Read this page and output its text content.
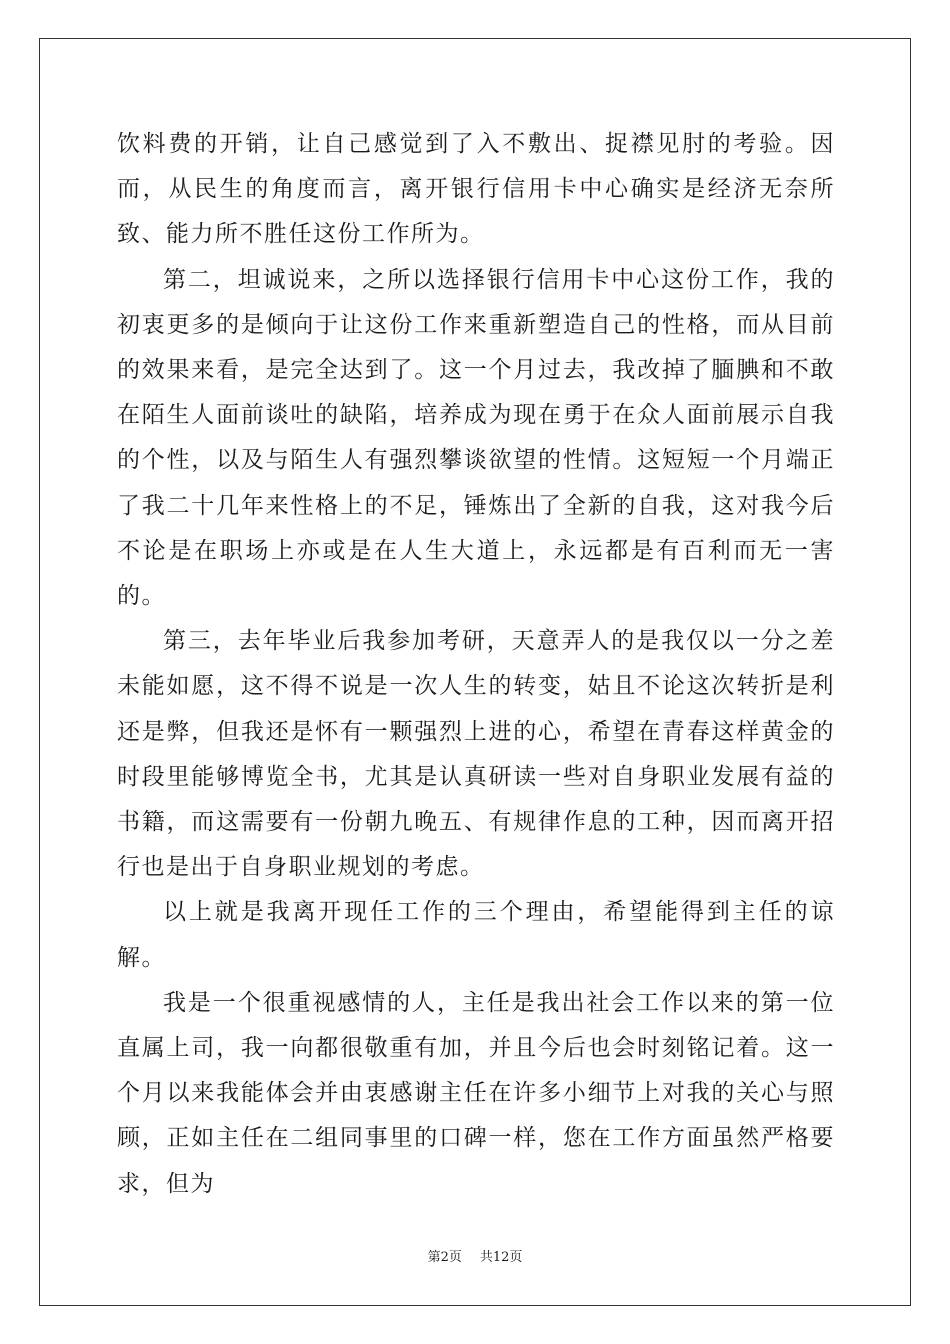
饮料费的开销，让自己感觉到了入不敷出、捉襟见肘的考验。因而，从民生的角度而言，离开银行信用卡中心确实是经济无奈所致、能力所不胜任这份工作所为。

第二，坦诚说来，之所以选择银行信用卡中心这份工作，我的初衷更多的是倾向于让这份工作来重新塑造自己的性格，而从目前的效果来看，是完全达到了。这一个月过去，我改掉了腼腆和不敢在陌生人面前谈吐的缺陷，培养成为现在勇于在众人面前展示自我的个性，以及与陌生人有强烈攀谈欲望的性情。这短短一个月端正了我二十几年来性格上的不足，锤炼出了全新的自我，这对我今后不论是在职场上亦或是在人生大道上，永远都是有百利而无一害的。

第三，去年毕业后我参加考研，天意弄人的是我仅以一分之差未能如愿，这不得不说是一次人生的转变，姑且不论这次转折是利还是弊，但我还是怀有一颗强烈上进的心，希望在青春这样黄金的时段里能够博览全书，尤其是认真研读一些对自身职业发展有益的书籍，而这需要有一份朝九晚五、有规律作息的工种，因而离开招行也是出于自身职业规划的考虑。

以上就是我离开现任工作的三个理由，希望能得到主任的谅解。

我是一个很重视感情的人，主任是我出社会工作以来的第一位直属上司，我一向都很敬重有加，并且今后也会时刻铭记着。这一个月以来我能体会并由衷感谢主任在许多小细节上对我的关心与照顾，正如主任在二组同事里的口碑一样，您在工作方面虽然严格要求，但为

第2页 共12页
